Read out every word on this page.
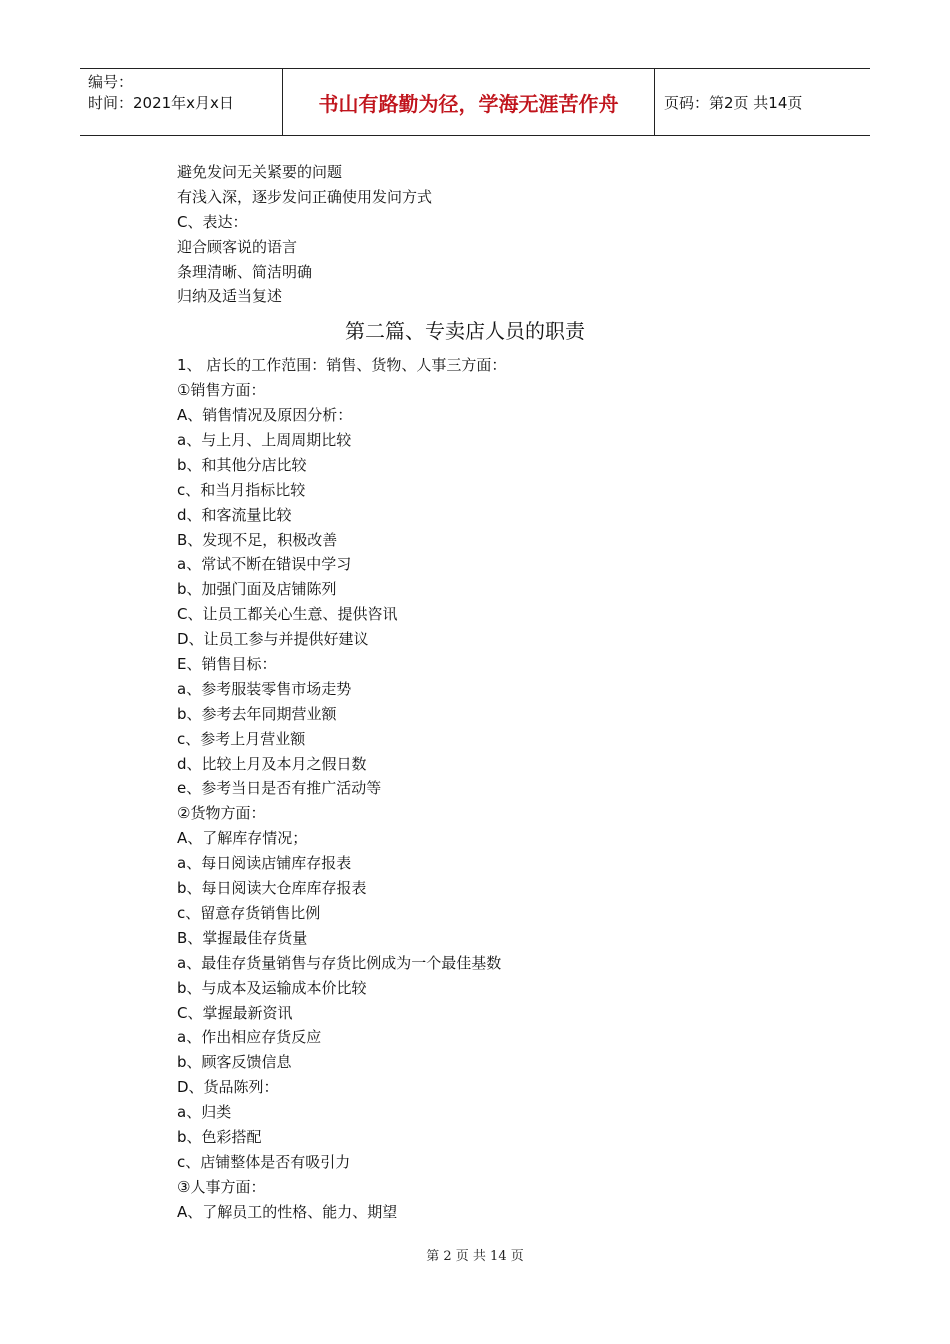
编号：
时间：2021年x月x日	书山有路勤为径，学海无涯苦作舟	页码：第2页 共14页
避免发问无关紧要的问题
有浅入深，逐步发问正确使用发问方式
C、表达：
迎合顾客说的语言
条理清晰、简洁明确
归纳及适当复述
第二篇、专卖店人员的职责
1、 店长的工作范围：销售、货物、人事三方面：
①销售方面：
A、销售情况及原因分析：
a、与上月、上周周期比较
b、和其他分店比较
c、和当月指标比较
d、和客流量比较
B、发现不足，积极改善
a、常试不断在错误中学习
b、加强门面及店铺陈列
C、让员工都关心生意、提供咨讯
D、让员工参与并提供好建议
E、销售目标：
a、参考服装零售市场走势
b、参考去年同期营业额
c、参考上月营业额
d、比较上月及本月之假日数
e、参考当日是否有推广活动等
②货物方面：
A、了解库存情况；
a、每日阅读店铺库存报表
b、每日阅读大仓库库存报表
c、留意存货销售比例
B、掌握最佳存货量
a、最佳存货量销售与存货比例成为一个最佳基数
b、与成本及运输成本价比较
C、掌握最新资讯
a、作出相应存货反应
b、顾客反馈信息
D、货品陈列：
a、归类
b、色彩搭配
c、店铺整体是否有吸引力
③人事方面：
A、了解员工的性格、能力、期望
第 2 页 共 14 页
